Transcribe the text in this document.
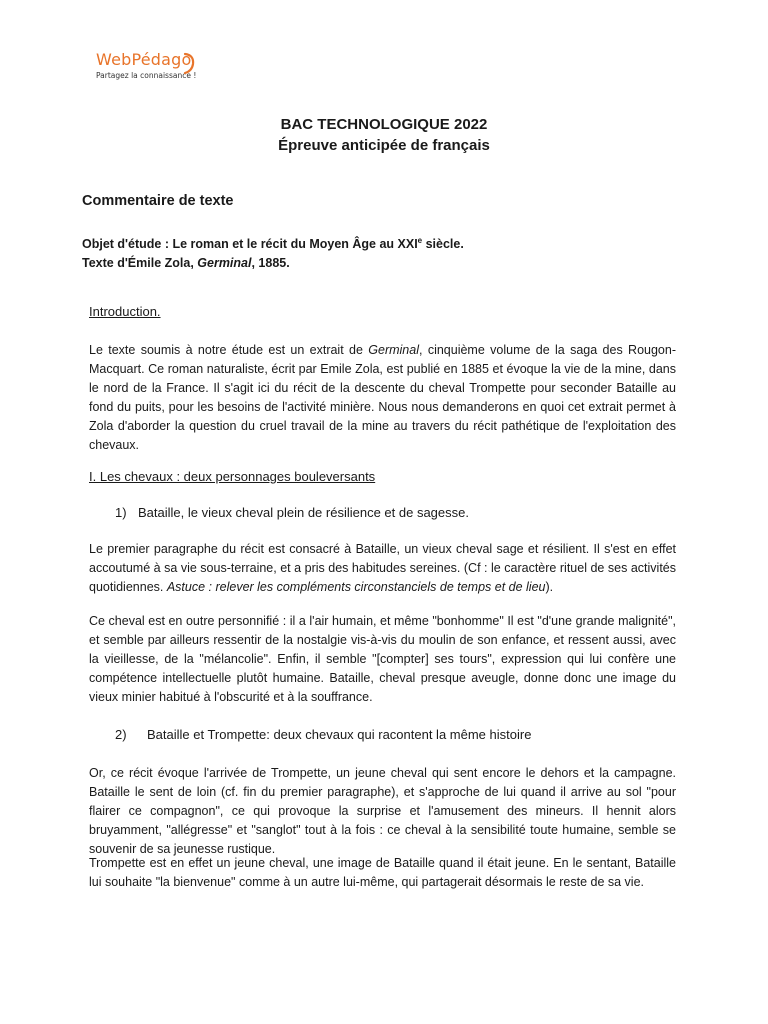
WebPédago
Partagez la connaissance !
BAC TECHNOLOGIQUE 2022
Épreuve anticipée de français
Commentaire de texte
Objet d'étude : Le roman et le récit du Moyen Âge au XXIe siècle.
Texte d'Émile Zola, Germinal, 1885.
Introduction.

Le texte soumis à notre étude est un extrait de Germinal, cinquième volume de la saga des Rougon-Macquart. Ce roman naturaliste, écrit par Emile Zola, est publié en 1885 et évoque la vie de la mine, dans le nord de la France. Il s'agit ici du récit de la descente du cheval Trompette pour seconder Bataille au fond du puits, pour les besoins de l'activité minière. Nous nous demanderons en quoi cet extrait permet à Zola d'aborder la question du cruel travail de la mine au travers du récit pathétique de l'exploitation des chevaux.

I. Les chevaux : deux personnages bouleversants
1) Bataille, le vieux cheval plein de résilience et de sagesse.

Le premier paragraphe du récit est consacré à Bataille, un vieux cheval sage et résilient. Il s'est en effet accoutumé à sa vie sous-terraine, et a pris des habitudes sereines. (Cf : le caractère rituel de ses activités quotidiennes. Astuce : relever les compléments circonstanciels de temps et de lieu).

Ce cheval est en outre personnifié : il a l'air humain, et même "bonhomme" Il est "d'une grande malignité", et semble par ailleurs ressentir de la nostalgie vis-à-vis du moulin de son enfance, et ressent aussi, avec la vieillesse, de la "mélancolie". Enfin, il semble "[compter] ses tours", expression qui lui confère une compétence intellectuelle plutôt humaine. Bataille, cheval presque aveugle, donne donc une image du vieux minier habitué à l'obscurité et à la souffrance.

2) Bataille et Trompette: deux chevaux qui racontent la même histoire

Or, ce récit évoque l'arrivée de Trompette, un jeune cheval qui sent encore le dehors et la campagne. Bataille le sent de loin (cf. fin du premier paragraphe), et s'approche de lui quand il arrive au sol "pour flairer ce compagnon", ce qui provoque la surprise et l'amusement des mineurs. Il hennit alors bruyamment, "allégresse" et "sanglot" tout à la fois : ce cheval à la sensibilité toute humaine, semble se souvenir de sa jeunesse rustique.

Trompette est en effet un jeune cheval, une image de Bataille quand il était jeune. En le sentant, Bataille lui souhaite "la bienvenue" comme à un autre lui-même, qui partagerait désormais le reste de sa vie.
